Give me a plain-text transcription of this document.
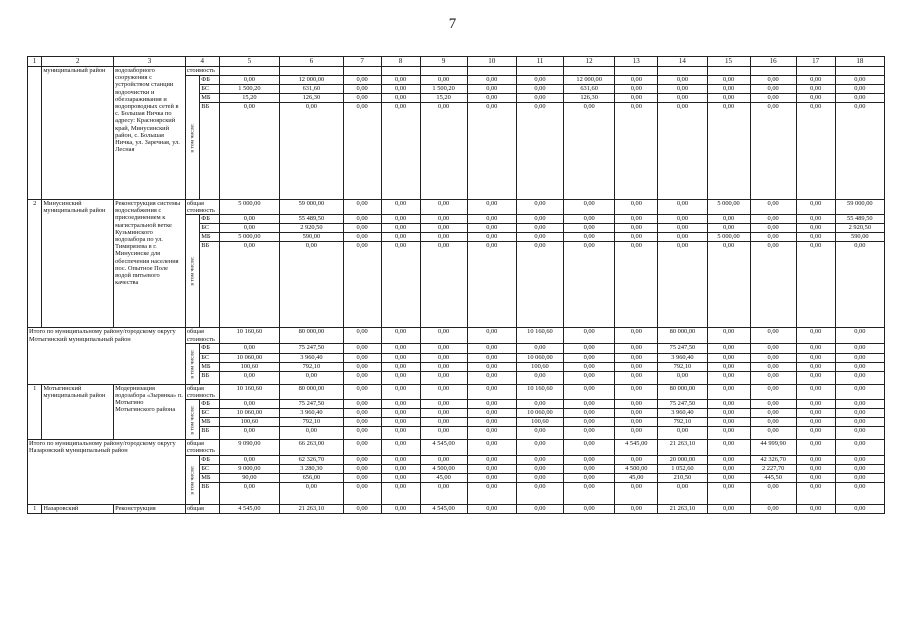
7
1	2	3	4		5	6	7	8	9	10	11	12	13	14	15	16	17	18
	муниципальный район	водозаборного сооружения с устройством станции водоочистки и обеззараживания и водопроводных сетей в с. Большая Ничка по адресу: Красноярский край, Минусинский район, с. Большая Ничка, ул. Заречная, ул. Лесная	стоимость															

			в том числе:	ФБ	0,00	12 000,00	0,00	0,00	0,00	0,00	0,00	12 000,00	0,00	0,00	0,00	0,00	0,00	0,00
				БС	1 500,20	631,60	0,00	0,00	1 500,20	0,00	0,00	631,60	0,00	0,00	0,00	0,00	0,00	0,00
				МБ	15,20	126,30	0,00	0,00	15,20	0,00	0,00	126,30	0,00	0,00	0,00	0,00	0,00	0,00
				ВБ	0,00	0,00	0,00	0,00	0,00	0,00	0,00	0,00	0,00	0,00	0,00	0,00	0,00	0,00
2	Минусинский муниципальный район	Реконструкция системы водоснабжения с присоединением к магистральной ветке Кузьминского водозабора по ул. Тимирязева в г. Минусинске для обеспечения населения пос. Опытное Поле водой питьевого качества	общая стоимость		5 000,00	59 000,00	0,00	0,00	0,00	0,00	0,00	0,00	0,00	0,00	5 000,00	0,00	0,00	59 000,00

			в том числе:	ФБ	0,00	55 489,50	0,00	0,00	0,00	0,00	0,00	0,00	0,00	0,00	0,00	0,00	0,00	55 489,50
				БС	0,00	2 920,50	0,00	0,00	0,00	0,00	0,00	0,00	0,00	0,00	0,00	0,00	0,00	2 920,50
				МБ	5 000,00	590,00	0,00	0,00	0,00	0,00	0,00	0,00	0,00	0,00	5 000,00	0,00	0,00	590,00
				ВБ	0,00	0,00	0,00	0,00	0,00	0,00	0,00	0,00	0,00	0,00	0,00	0,00	0,00	0,00
Итого по муниципальному району/городскому округу Мотыгинский муниципальный район			общая стоимость		10 160,60	80 000,00	0,00	0,00	0,00	0,00	10 160,60	0,00	0,00	80 000,00	0,00	0,00	0,00	0,00

			в том числе:	ФБ	0,00	75 247,50	0,00	0,00	0,00	0,00	0,00	0,00	0,00	75 247,50	0,00	0,00	0,00	0,00
				БС	10 060,00	3 960,40	0,00	0,00	0,00	0,00	10 060,00	0,00	0,00	3 960,40	0,00	0,00	0,00	0,00
				МБ	100,60	792,10	0,00	0,00	0,00	0,00	100,60	0,00	0,00	792,10	0,00	0,00	0,00	0,00
				ВБ	0,00	0,00	0,00	0,00	0,00	0,00	0,00	0,00	0,00	0,00	0,00	0,00	0,00	0,00
1	Мотыгинский муниципальный район	Модернизация водозабора «Зырянка» п. Мотыгино Мотыгинского района	общая стоимость		10 160,60	80 000,00	0,00	0,00	0,00	0,00	10 160,60	0,00	0,00	80 000,00	0,00	0,00	0,00	0,00

			в том числе:	ФБ	0,00	75 247,50	0,00	0,00	0,00	0,00	0,00	0,00	0,00	75 247,50	0,00	0,00	0,00	0,00
				БС	10 060,00	3 960,40	0,00	0,00	0,00	0,00	10 060,00	0,00	0,00	3 960,40	0,00	0,00	0,00	0,00
				МБ	100,60	792,10	0,00	0,00	0,00	0,00	100,60	0,00	0,00	792,10	0,00	0,00	0,00	0,00
				ВБ	0,00	0,00	0,00	0,00	0,00	0,00	0,00	0,00	0,00	0,00	0,00	0,00	0,00	0,00
Итого по муниципальному району/городскому округу Назаровский муниципальный район			общая стоимость		9 090,00	66 263,00	0,00	0,00	4 545,00	0,00	0,00	0,00	4 545,00	21 263,10	0,00	44 999,90	0,00	0,00

			в том числе:	ФБ	0,00	62 326,70	0,00	0,00	0,00	0,00	0,00	0,00	0,00	20 000,00	0,00	42 326,70	0,00	0,00
				БС	9 000,00	3 280,30	0,00	0,00	4 500,00	0,00	0,00	0,00	4 500,00	1 052,60	0,00	2 227,70	0,00	0,00
				МБ	90,00	656,00	0,00	0,00	45,00	0,00	0,00	0,00	45,00	210,50	0,00	445,50	0,00	0,00
				ВБ	0,00	0,00	0,00	0,00	0,00	0,00	0,00	0,00	0,00	0,00	0,00	0,00	0,00	0,00
1	Назаровский	Реконструкция	общая		4 545,00	21 263,10	0,00	0,00	4 545,00	0,00	0,00	0,00	0,00	21 263,10	0,00	0,00	0,00	0,00
